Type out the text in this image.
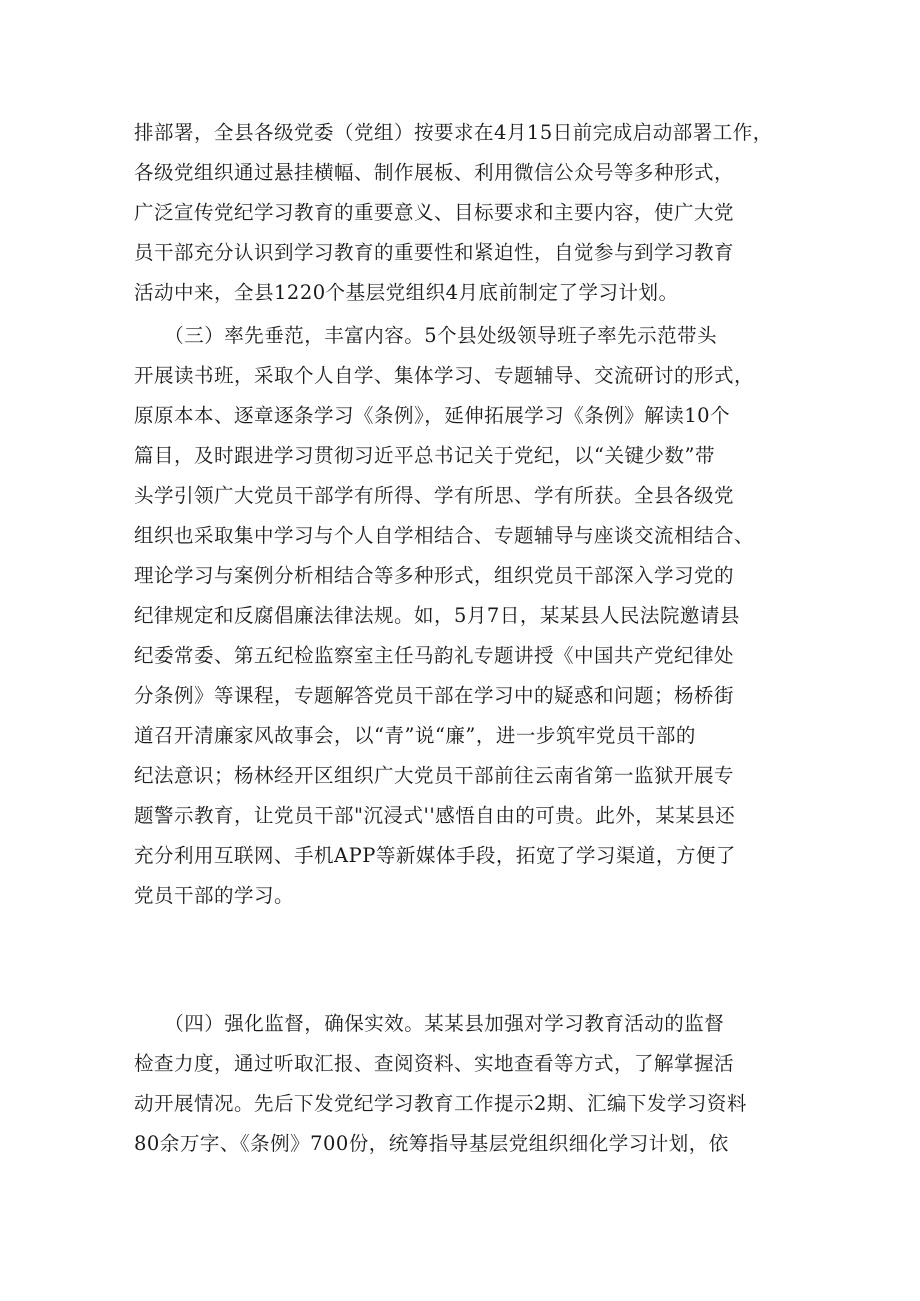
排部署，全县各级党委（党组）按要求在4月15日前完成启动部署工作，
各级党组织通过悬挂横幅、制作展板、利用微信公众号等多种形式，
广泛宣传党纪学习教育的重要意义、目标要求和主要内容，使广大党
员干部充分认识到学习教育的重要性和紧迫性，自觉参与到学习教育
活动中来，全县1220个基层党组织4月底前制定了学习计划。
　　（三）率先垂范，丰富内容。5个县处级领导班子率先示范带头
开展读书班，采取个人自学、集体学习、专题辅导、交流研讨的形式，
原原本本、逐章逐条学习《条例》，延伸拓展学习《条例》解读10个
篇目，及时跟进学习贯彻习近平总书记关于党纪，以“关键少数”带
头学引领广大党员干部学有所得、学有所思、学有所获。全县各级党
组织也采取集中学习与个人自学相结合、专题辅导与座谈交流相结合、
理论学习与案例分析相结合等多种形式，组织党员干部深入学习党的
纪律规定和反腐倡廉法律法规。如，5月7日，某某县人民法院邀请县
纪委常委、第五纪检监察室主任马韵礼专题讲授《中国共产党纪律处
分条例》等课程，专题解答党员干部在学习中的疑惑和问题；杨桥街
道召开清廉家风故事会，以“青”说“廉”，进一步筑牢党员干部的
纪法意识；杨林经开区组织广大党员干部前往云南省第一监狱开展专
题警示教育，让党员干部"沉浸式''感悟自由的可贵。此外，某某县还
充分利用互联网、手机APP等新媒体手段，拓宽了学习渠道，方便了
党员干部的学习。
　　（四）强化监督，确保实效。某某县加强对学习教育活动的监督
检查力度，通过听取汇报、查阅资料、实地查看等方式，了解掌握活
动开展情况。先后下发党纪学习教育工作提示2期、汇编下发学习资料
80余万字、《条例》700份，统筹指导基层党组织细化学习计划，依
